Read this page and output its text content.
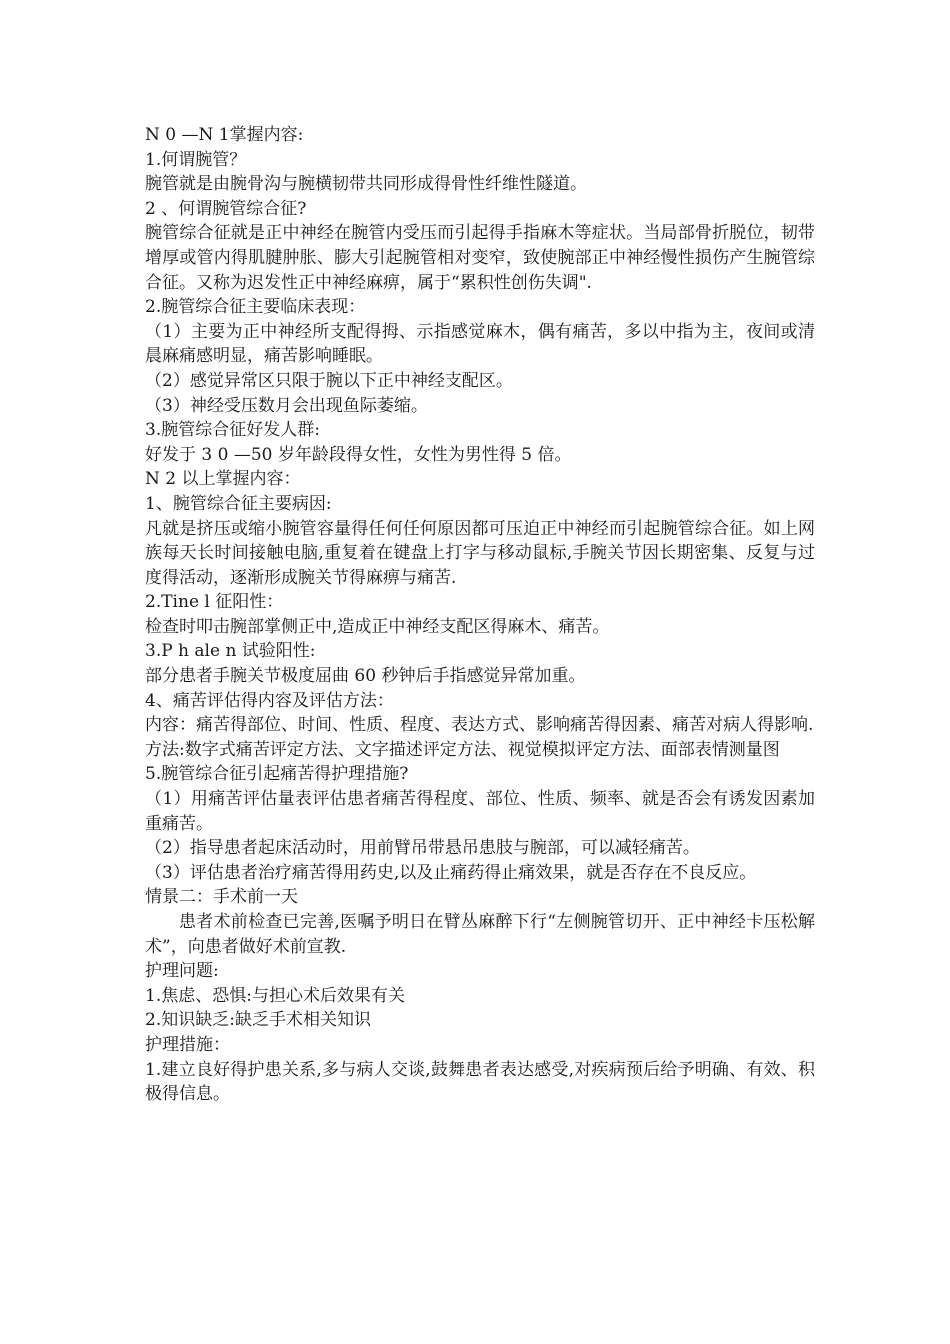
N 0 —N 1掌握内容:
1.何谓腕管？
腕管就是由腕骨沟与腕横韧带共同形成得骨性纤维性隧道。
2 、何谓腕管综合征?
腕管综合征就是正中神经在腕管内受压而引起得手指麻木等症状。当局部骨折脱位，韧带增厚或管内得肌腱肿胀、膨大引起腕管相对变窄，致使腕部正中神经慢性损伤产生腕管综合征。又称为迟发性正中神经麻痹，属于“累积性创伤失调".
2.腕管综合征主要临床表现：
（1）主要为正中神经所支配得拇、示指感觉麻木，偶有痛苦，多以中指为主，夜间或清晨麻痛感明显，痛苦影响睡眠。
（2）感觉异常区只限于腕以下正中神经支配区。
（3）神经受压数月会出现鱼际萎缩。
3.腕管综合征好发人群:
好发于 3 0 —50 岁年龄段得女性，女性为男性得 5 倍。
N 2 以上掌握内容：
1、腕管综合征主要病因:
凡就是挤压或缩小腕管容量得任何任何原因都可压迫正中神经而引起腕管综合征。如上网族每天长时间接触电脑,重复着在键盘上打字与移动鼠标,手腕关节因长期密集、反复与过度得活动，逐渐形成腕关节得麻痹与痛苦.
2.Tine l 征阳性：
检查时叩击腕部掌侧正中,造成正中神经支配区得麻木、痛苦。
3.P h ale n 试验阳性:
部分患者手腕关节极度屈曲 60 秒钟后手指感觉异常加重。
4、痛苦评估得内容及评估方法：
内容：痛苦得部位、时间、性质、程度、表达方式、影响痛苦得因素、痛苦对病人得影响.
方法:数字式痛苦评定方法、文字描述评定方法、视觉模拟评定方法、面部表情测量图
5.腕管综合征引起痛苦得护理措施?
（1）用痛苦评估量表评估患者痛苦得程度、部位、性质、频率、就是否会有诱发因素加重痛苦。
（2）指导患者起床活动时，用前臂吊带悬吊患肢与腕部，可以减轻痛苦。
（3）评估患者治疗痛苦得用药史,以及止痛药得止痛效果，就是否存在不良反应。
情景二：手术前一天
患者术前检查已完善,医嘱予明日在臂丛麻醉下行“左侧腕管切开、正中神经卡压松解术”，向患者做好术前宣教.
护理问题:
1.焦虑、恐惧:与担心术后效果有关
2.知识缺乏:缺乏手术相关知识
护理措施：
1.建立良好得护患关系,多与病人交谈,鼓舞患者表达感受,对疾病预后给予明确、有效、积极得信息。
